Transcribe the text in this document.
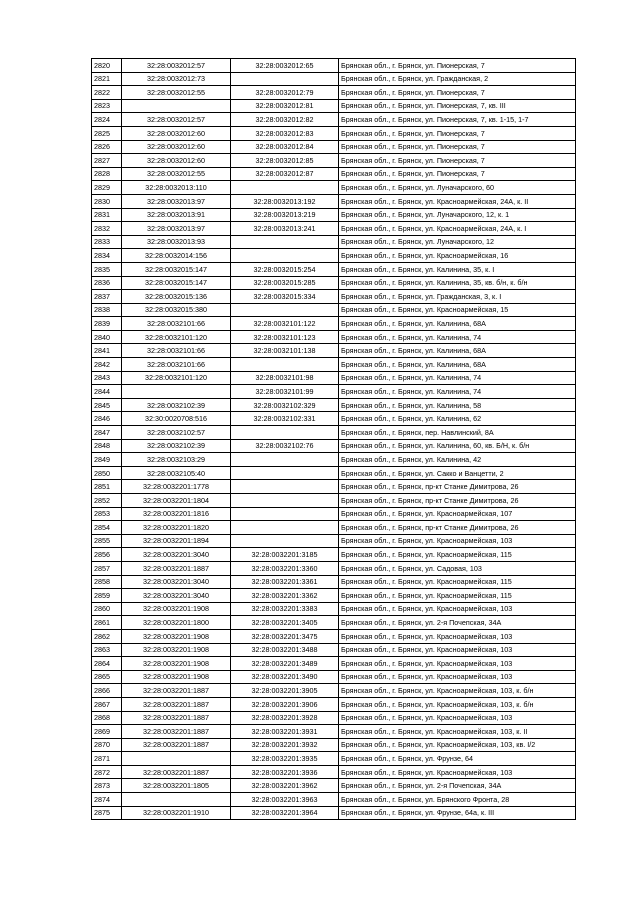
2820	32:28:0032012:57	32:28:0032012:65	Брянская обл., г. Брянск, ул. Пионерская, 7
2821	32:28:0032012:73		Брянская обл., г. Брянск, ул. Гражданская, 2
2822	32:28:0032012:55	32:28:0032012:79	Брянская обл., г. Брянск, ул. Пионерская, 7
2823		32:28:0032012:81	Брянская обл., г. Брянск, ул. Пионерская, 7, кв. III
2824	32:28:0032012:57	32:28:0032012:82	Брянская обл., г. Брянск, ул. Пионерская, 7, кв. 1-15, 1-7
2825	32:28:0032012:60	32:28:0032012:83	Брянская обл., г. Брянск, ул. Пионерская, 7
2826	32:28:0032012:60	32:28:0032012:84	Брянская обл., г. Брянск, ул. Пионерская, 7
2827	32:28:0032012:60	32:28:0032012:85	Брянская обл., г. Брянск, ул. Пионерская, 7
2828	32:28:0032012:55	32:28:0032012:87	Брянская обл., г. Брянск, ул. Пионерская, 7
2829	32:28:0032013:110		Брянская обл., г. Брянск, ул. Луначарского, 60
2830	32:28:0032013:97	32:28:0032013:192	Брянская обл., г. Брянск, ул. Красноармейская, 24А, к. II
2831	32:28:0032013:91	32:28:0032013:219	Брянская обл., г. Брянск, ул. Луначарского, 12, к. 1
2832	32:28:0032013:97	32:28:0032013:241	Брянская обл., г. Брянск, ул. Красноармейская, 24А, к. I
2833	32:28:0032013:93		Брянская обл., г. Брянск, ул. Луначарского, 12
2834	32:28:0032014:156		Брянская обл., г. Брянск, ул. Красноармейская, 16
2835	32:28:0032015:147	32:28:0032015:254	Брянская обл., г. Брянск, ул. Калинина, 35, к. I
2836	32:28:0032015:147	32:28:0032015:285	Брянская обл., г. Брянск, ул. Калинина, 35, кв. б/н, к. б/н
2837	32:28:0032015:136	32:28:0032015:334	Брянская обл., г. Брянск, ул. Гражданская, 3, к. I
2838	32:28:0032015:380		Брянская обл., г. Брянск, ул. Красноармейская, 15
2839	32:28:0032101:66	32:28:0032101:122	Брянская обл., г. Брянск, ул. Калинина, 68А
2840	32:28:0032101:120	32:28:0032101:123	Брянская обл., г. Брянск, ул. Калинина, 74
2841	32:28:0032101:66	32:28:0032101:138	Брянская обл., г. Брянск, ул. Калинина, 68А
2842	32:28:0032101:66		Брянская обл., г. Брянск, ул. Калинина, 68А
2843	32:28:0032101:120	32:28:0032101:98	Брянская обл., г. Брянск, ул. Калинина, 74
2844		32:28:0032101:99	Брянская обл., г. Брянск, ул. Калинина, 74
2845	32:28:0032102:39	32:28:0032102:329	Брянская обл., г. Брянск, ул. Калинина, 58
2846	32:30:0020708:516	32:28:0032102:331	Брянская обл., г. Брянск, ул. Калинина, 62
2847	32:28:0032102:57		Брянская обл., г. Брянск, пер. Навлинский, 8А
2848	32:28:0032102:39	32:28:0032102:76	Брянская обл., г. Брянск, ул. Калинина, 60, кв. Б/Н, к. б/н
2849	32:28:0032103:29		Брянская обл., г. Брянск, ул. Калинина, 42
2850	32:28:0032105:40		Брянская обл., г. Брянск, ул. Сакко и Ванцетти, 2
2851	32:28:0032201:1778		Брянская обл., г. Брянск, пр-кт Станке Димитрова, 26
2852	32:28:0032201:1804		Брянская обл., г. Брянск, пр-кт Станке Димитрова, 26
2853	32:28:0032201:1816		Брянская обл., г. Брянск, ул. Красноармейская, 107
2854	32:28:0032201:1820		Брянская обл., г. Брянск, пр-кт Станке Димитрова, 26
2855	32:28:0032201:1894		Брянская обл., г. Брянск, ул. Красноармейская, 103
2856	32:28:0032201:3040	32:28:0032201:3185	Брянская обл., г. Брянск, ул. Красноармейская, 115
2857	32:28:0032201:1887	32:28:0032201:3360	Брянская обл., г. Брянск, ул. Садовая, 103
2858	32:28:0032201:3040	32:28:0032201:3361	Брянская обл., г. Брянск, ул. Красноармейская, 115
2859	32:28:0032201:3040	32:28:0032201:3362	Брянская обл., г. Брянск, ул. Красноармейская, 115
2860	32:28:0032201:1908	32:28:0032201:3383	Брянская обл., г. Брянск, ул. Красноармейская, 103
2861	32:28:0032201:1800	32:28:0032201:3405	Брянская обл., г. Брянск, ул. 2-я Почепская, 34А
2862	32:28:0032201:1908	32:28:0032201:3475	Брянская обл., г. Брянск, ул. Красноармейская, 103
2863	32:28:0032201:1908	32:28:0032201:3488	Брянская обл., г. Брянск, ул. Красноармейская, 103
2864	32:28:0032201:1908	32:28:0032201:3489	Брянская обл., г. Брянск, ул. Красноармейская, 103
2865	32:28:0032201:1908	32:28:0032201:3490	Брянская обл., г. Брянск, ул. Красноармейская, 103
2866	32:28:0032201:1887	32:28:0032201:3905	Брянская обл., г. Брянск, ул. Красноармейская, 103, к. б/н
2867	32:28:0032201:1887	32:28:0032201:3906	Брянская обл., г. Брянск, ул. Красноармейская, 103, к. б/н
2868	32:28:0032201:1887	32:28:0032201:3928	Брянская обл., г. Брянск, ул. Красноармейская, 103
2869	32:28:0032201:1887	32:28:0032201:3931	Брянская обл., г. Брянск, ул. Красноармейская, 103, к. II
2870	32:28:0032201:1887	32:28:0032201:3932	Брянская обл., г. Брянск, ул. Красноармейская, 103, кв. I/2
2871		32:28:0032201:3935	Брянская обл., г. Брянск, ул. Фрунзе, 64
2872	32:28:0032201:1887	32:28:0032201:3936	Брянская обл., г. Брянск, ул. Красноармейская, 103
2873	32:28:0032201:1805	32:28:0032201:3962	Брянская обл., г. Брянск, ул. 2-я Почепская, 34А
2874		32:28:0032201:3963	Брянская обл., г. Брянск, ул. Брянского Фронта, 28
2875	32:28:0032201:1910	32:28:0032201:3964	Брянская обл., г. Брянск, ул. Фрунзе, 64а, к. III
